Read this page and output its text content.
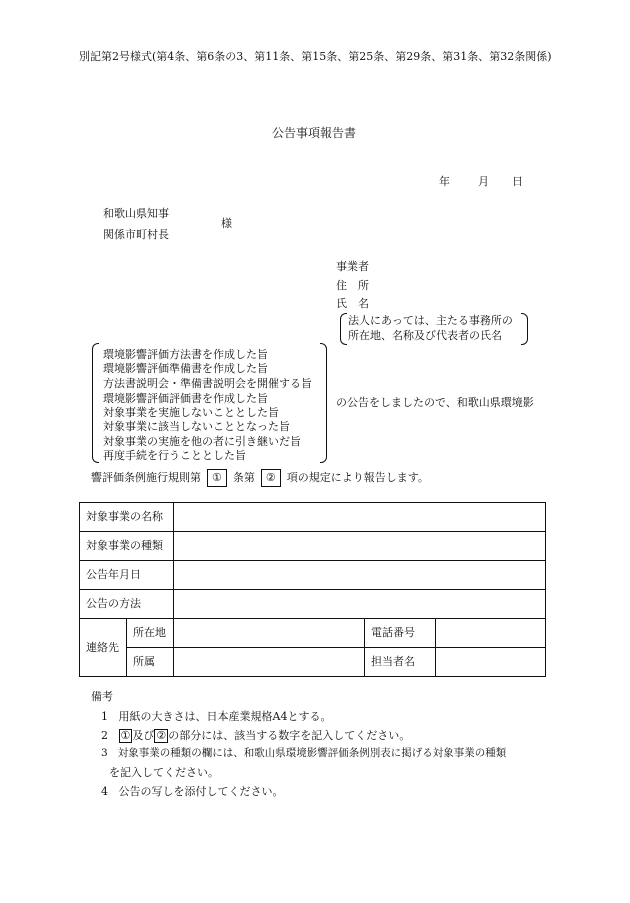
別記第2号様式(第4条、第6条の3、第11条、第15条、第25条、第29条、第31条、第32条関係)
公告事項報告書
年	月 日
和歌山県知事
関係市町村長
様
事業者
住　所
氏　名
法人にあっては、主たる事務所の
所在地、名称及び代表者の氏名
環境影響評価方法書を作成した旨
環境影響評価準備書を作成した旨
方法書説明会・準備書説明会を開催する旨
環境影響評価評価書を作成した旨
対象事業を実施しないこととした旨
対象事業に該当しないこととなった旨
対象事業の実施を他の者に引き継いだ旨
再度手続を行うこととした旨
の公告をしましたので、和歌山県環境影
響評価条例施行規則第 ① 条第 ② 項の規定により報告します。
対象事業の名称				
対象事業の種類				
公告年月日				
公告の方法				
連絡先	所在地		電話番号	
	所属		担当者名	
備考
1 用紙の大きさは、日本産業規格A4とする。
2 ① 及び ② の部分には、該当する数字を記入してください。
3 対象事業の種類の欄には、和歌山県環境影響評価条例別表に掲げる対象事業の種類
を記入してください。
4 公告の写しを添付してください。
